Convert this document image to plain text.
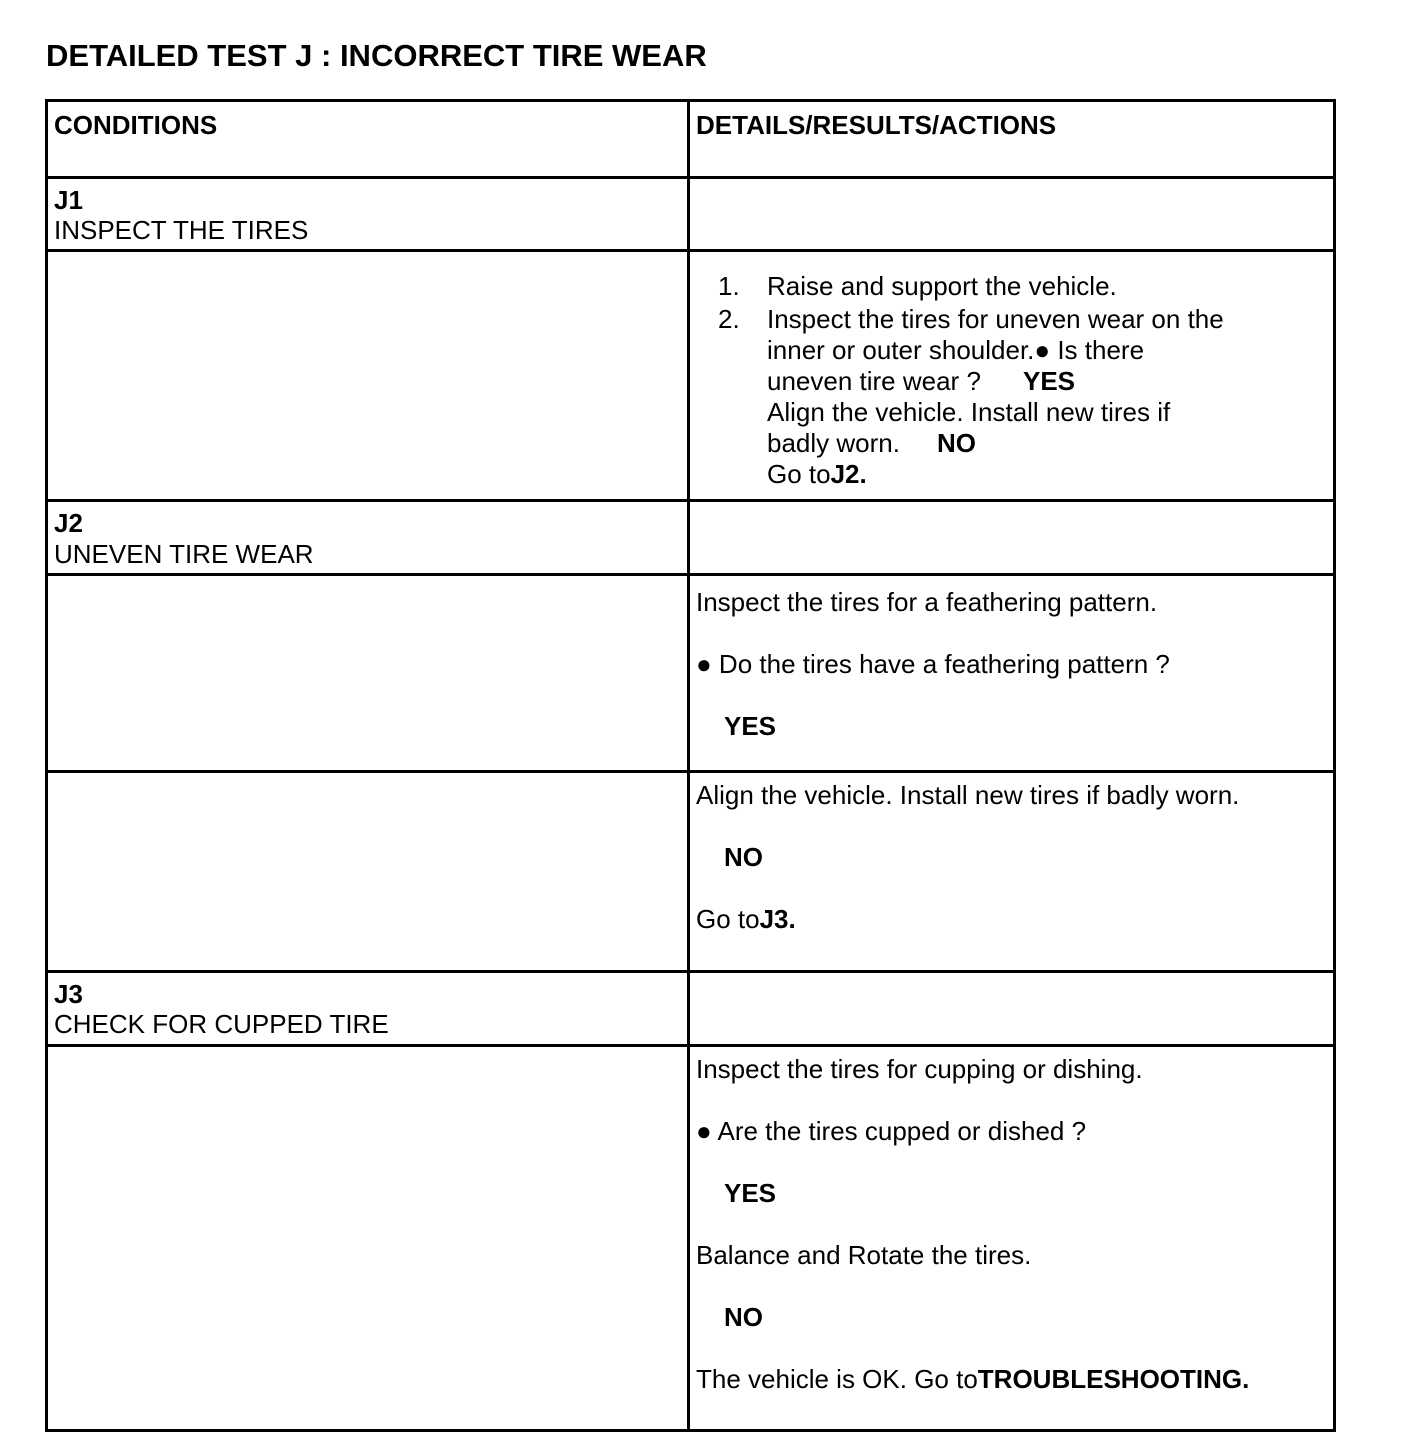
DETAILED TEST J : INCORRECT TIRE WEAR
CONDITIONS	DETAILS/RESULTS/ACTIONS
J1
INSPECT THE TIRES
1. Raise and support the vehicle.
2. Inspect the tires for uneven wear on the
inner or outer shoulder.● Is there
uneven tire wear ? YES
Align the vehicle. Install new tires if
badly worn. NO
Go toJ2.
J2
UNEVEN TIRE WEAR
Inspect the tires for a feathering pattern.
● Do the tires have a feathering pattern ?
YES
Align the vehicle. Install new tires if badly worn.
NO
Go toJ3.
J3
CHECK FOR CUPPED TIRE
Inspect the tires for cupping or dishing.
● Are the tires cupped or dished ?
YES
Balance and Rotate the tires.
NO
The vehicle is OK. Go toTROUBLESHOOTING.
